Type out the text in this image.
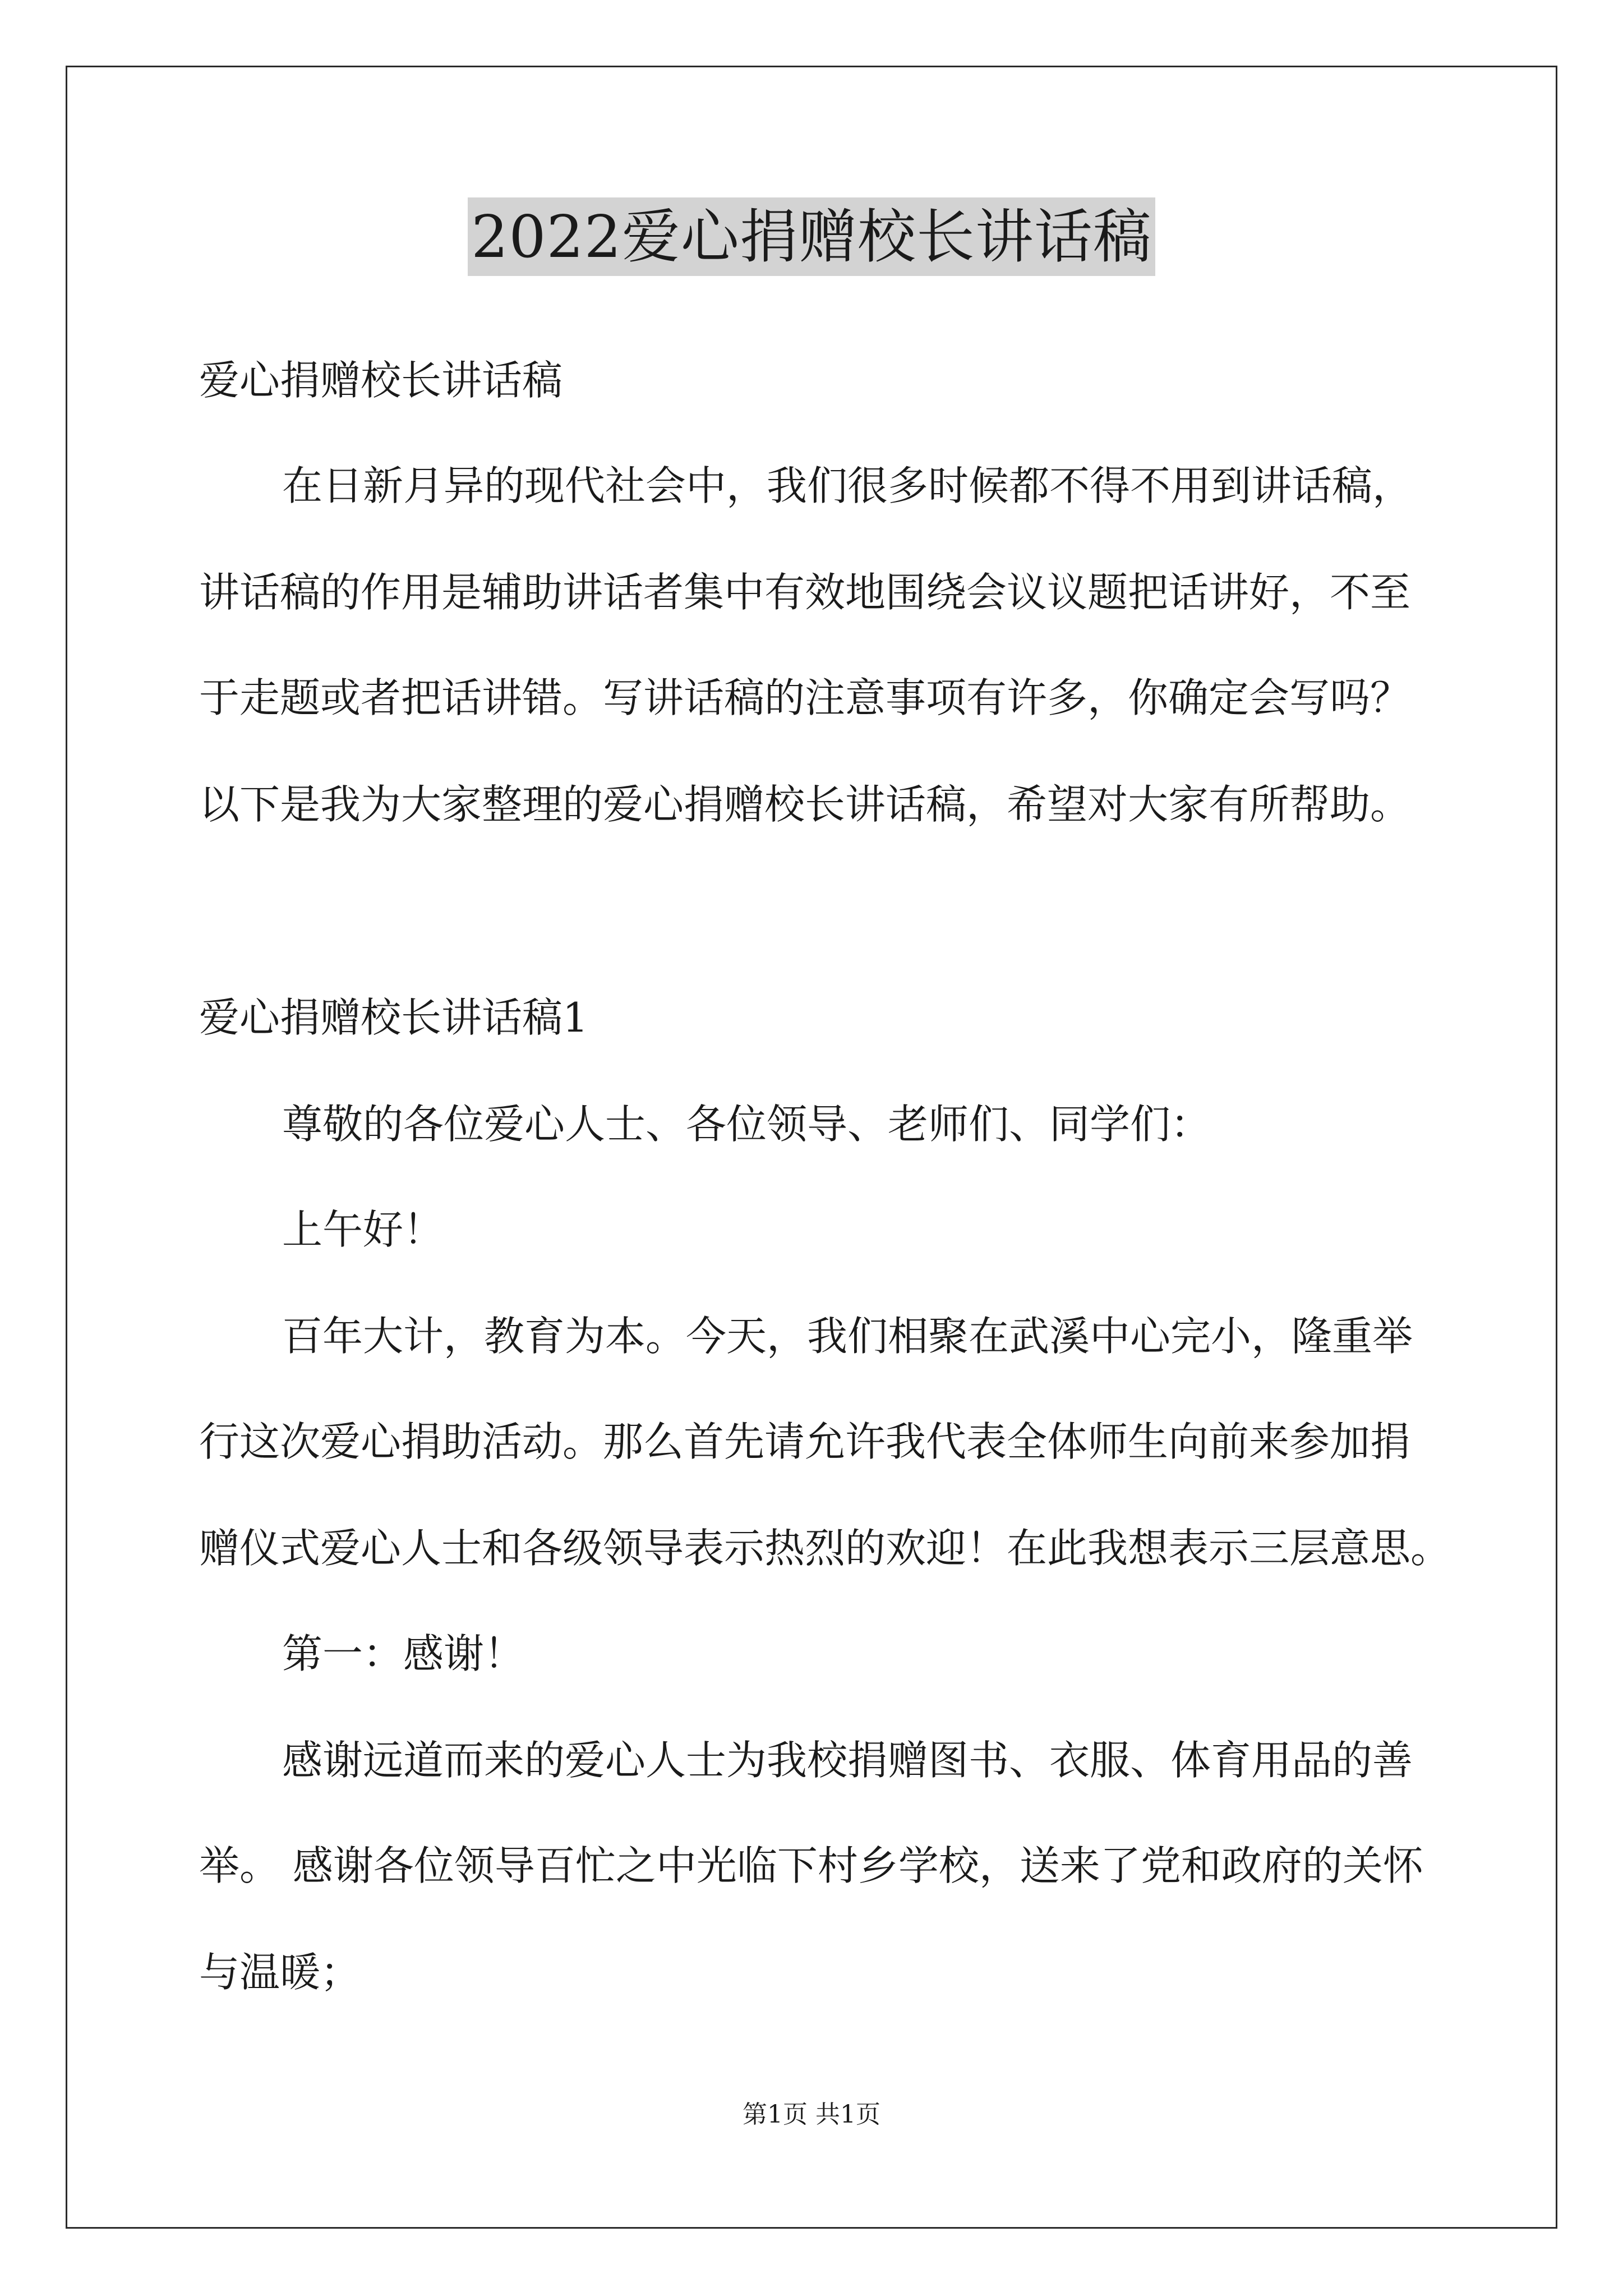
2022爱心捐赠校长讲话稿

爱心捐赠校长讲话稿

在日新月异的现代社会中，我们很多时候都不得不用到讲话稿，

讲话稿的作用是辅助讲话者集中有效地围绕会议议题把话讲好，不至

于走题或者把话讲错。写讲话稿的注意事项有许多，你确定会写吗？

以下是我为大家整理的爱心捐赠校长讲话稿，希望对大家有所帮助。

爱心捐赠校长讲话稿1

尊敬的各位爱心人士、各位领导、老师们、同学们：

上午好！

百年大计，教育为本。今天，我们相聚在武溪中心完小，隆重举

行这次爱心捐助活动。那么首先请允许我代表全体师生向前来参加捐

赠仪式爱心人士和各级领导表示热烈的欢迎！在此我想表示三层意思。

第一：感谢！

感谢远道而来的爱心人士为我校捐赠图书、衣服、体育用品的善

举。 感谢各位领导百忙之中光临下村乡学校，送来了党和政府的关怀

与温暖；

第1页 共1页
